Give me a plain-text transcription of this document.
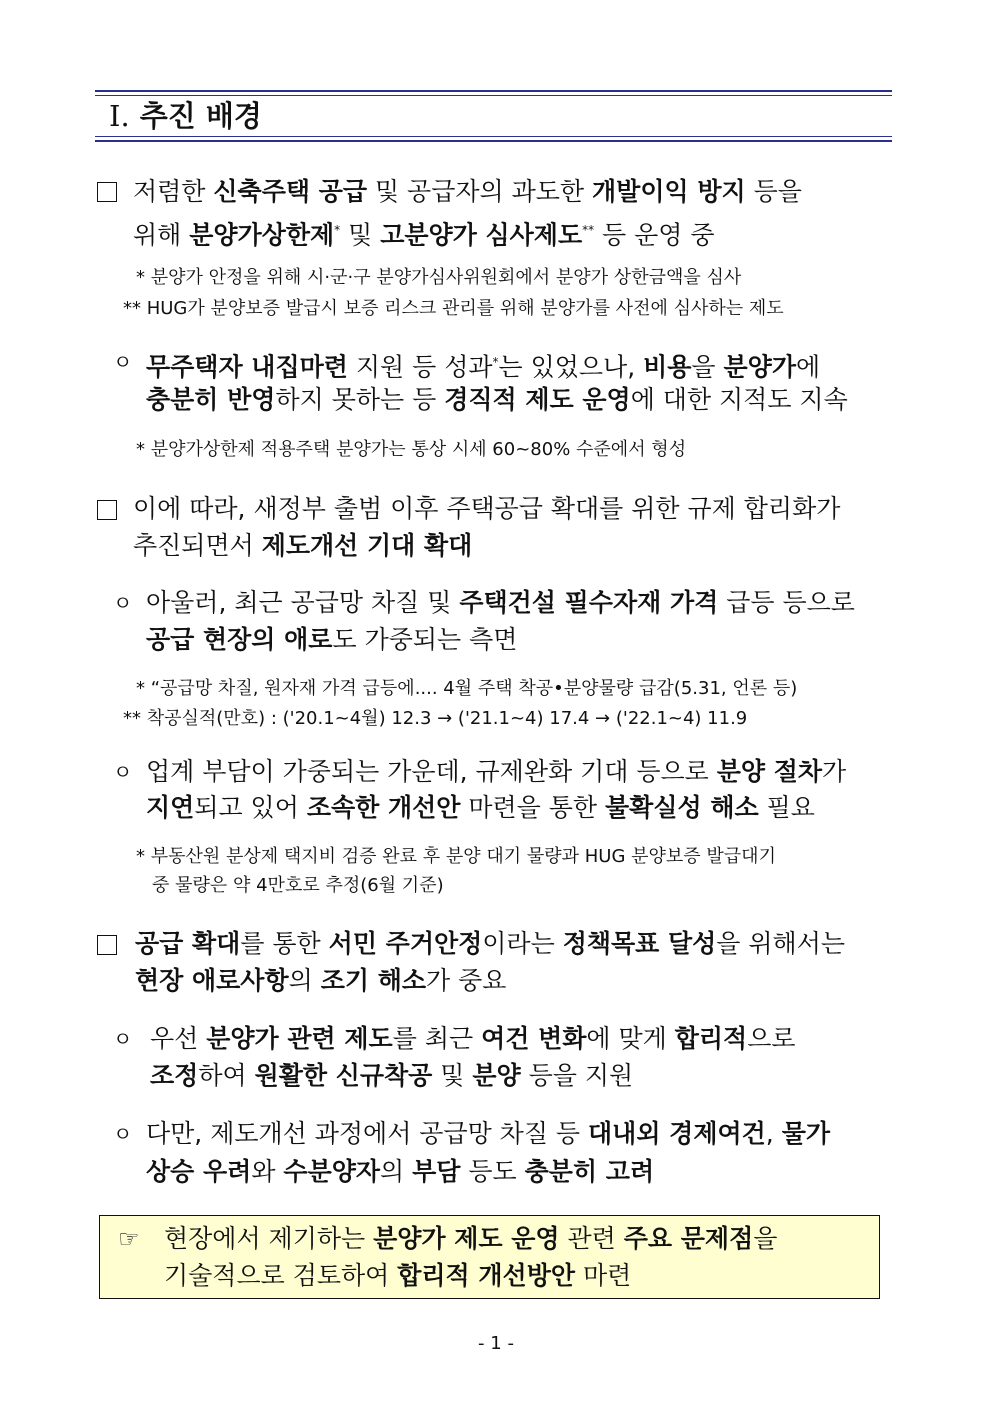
Ⅰ. 추진 배경
저렴한 신축주택 공급 및 공급자의 과도한 개발이익 방지 등을
위해 분양가상한제* 및 고분양가 심사제도** 등 운영 중
* 분양가 안정을 위해 시·군·구 분양가심사위원회에서 분양가 상한금액을 심사
** HUG가 분양보증 발급시 보증 리스크 관리를 위해 분양가를 사전에 심사하는 제도
ㅇ 무주택자 내집마련 지원 등 성과*는 있었으나, 비용을 분양가에
충분히 반영하지 못하는 등 경직적 제도 운영에 대한 지적도 지속
* 분양가상한제 적용주택 분양가는 통상 시세 60~80% 수준에서 형성
이에 따라, 새정부 출범 이후 주택공급 확대를 위한 규제 합리화가
추진되면서 제도개선 기대 확대
ㅇ 아울러, 최근 공급망 차질 및 주택건설 필수자재 가격 급등 등으로
공급 현장의 애로도 가중되는 측면
* “공급망 차질, 원자재 가격 급등에.... 4월 주택 착공•분양물량 급감(5.31, 언론 등)
** 착공실적(만호) : ('20.1~4월) 12.3 → ('21.1~4) 17.4 → ('22.1~4) 11.9
ㅇ 업계 부담이 가중되는 가운데, 규제완화 기대 등으로 분양 절차가
지연되고 있어 조속한 개선안 마련을 통한 불확실성 해소 필요
* 부동산원 분상제 택지비 검증 완료 후 분양 대기 물량과 HUG 분양보증 발급대기
중 물량은 약 4만호로 추정(6월 기준)
공급 확대를 통한 서민 주거안정이라는 정책목표 달성을 위해서는
현장 애로사항의 조기 해소가 중요
ㅇ 우선 분양가 관련 제도를 최근 여건 변화에 맞게 합리적으로
조정하여 원활한 신규착공 및 분양 등을 지원
ㅇ 다만, 제도개선 과정에서 공급망 차질 등 대내외 경제여건, 물가
상승 우려와 수분양자의 부담 등도 충분히 고려
☞ 현장에서 제기하는 분양가 제도 운영 관련 주요 문제점을
기술적으로 검토하여 합리적 개선방안 마련
- 1 -
